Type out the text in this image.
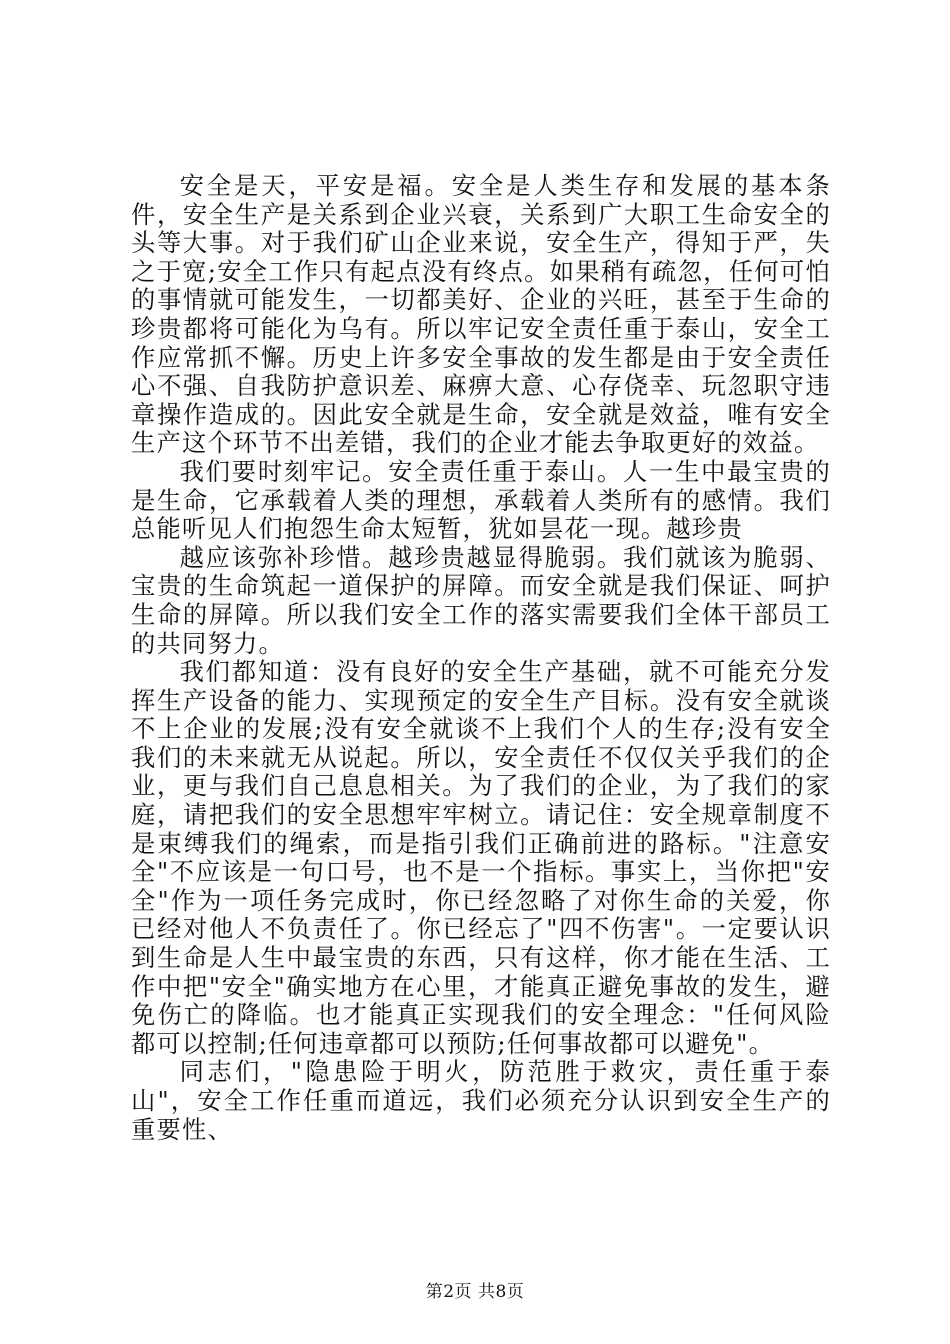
安全是天，平安是福。安全是人类生存和发展的基本条件，安全生产是关系到企业兴衰，关系到广大职工生命安全的头等大事。对于我们矿山企业来说，安全生产，得知于严，失之于宽;安全工作只有起点没有终点。如果稍有疏忽，任何可怕的事情就可能发生，一切都美好、企业的兴旺，甚至于生命的珍贵都将可能化为乌有。所以牢记安全责任重于泰山，安全工作应常抓不懈。历史上许多安全事故的发生都是由于安全责任心不强、自我防护意识差、麻痹大意、心存侥幸、玩忽职守违章操作造成的。因此安全就是生命，安全就是效益，唯有安全生产这个环节不出差错，我们的企业才能去争取更好的效益。

我们要时刻牢记。安全责任重于泰山。人一生中最宝贵的是生命，它承载着人类的理想，承载着人类所有的感情。我们总能听见人们抱怨生命太短暂，犹如昙花一现。越珍贵

越应该弥补珍惜。越珍贵越显得脆弱。我们就该为脆弱、宝贵的生命筑起一道保护的屏障。而安全就是我们保证、呵护生命的屏障。所以我们安全工作的落实需要我们全体干部员工的共同努力。

我们都知道：没有良好的安全生产基础，就不可能充分发挥生产设备的能力、实现预定的安全生产目标。没有安全就谈不上企业的发展;没有安全就谈不上我们个人的生存;没有安全我们的未来就无从说起。所以，安全责任不仅仅关乎我们的企业，更与我们自己息息相关。为了我们的企业，为了我们的家庭，请把我们的安全思想牢牢树立。请记住：安全规章制度不是束缚我们的绳索，而是指引我们正确前进的路标。"注意安全"不应该是一句口号，也不是一个指标。事实上，当你把"安全"作为一项任务完成时，你已经忽略了对你生命的关爱，你已经对他人不负责任了。你已经忘了"四不伤害"。一定要认识到生命是人生中最宝贵的东西，只有这样，你才能在生活、工作中把"安全"确实地方在心里，才能真正避免事故的发生，避免伤亡的降临。也才能真正实现我们的安全理念："任何风险都可以控制;任何违章都可以预防;任何事故都可以避免"。

同志们，"隐患险于明火，防范胜于救灾，责任重于泰山"，安全工作任重而道远，我们必须充分认识到安全生产的重要性、

第2页 共8页
